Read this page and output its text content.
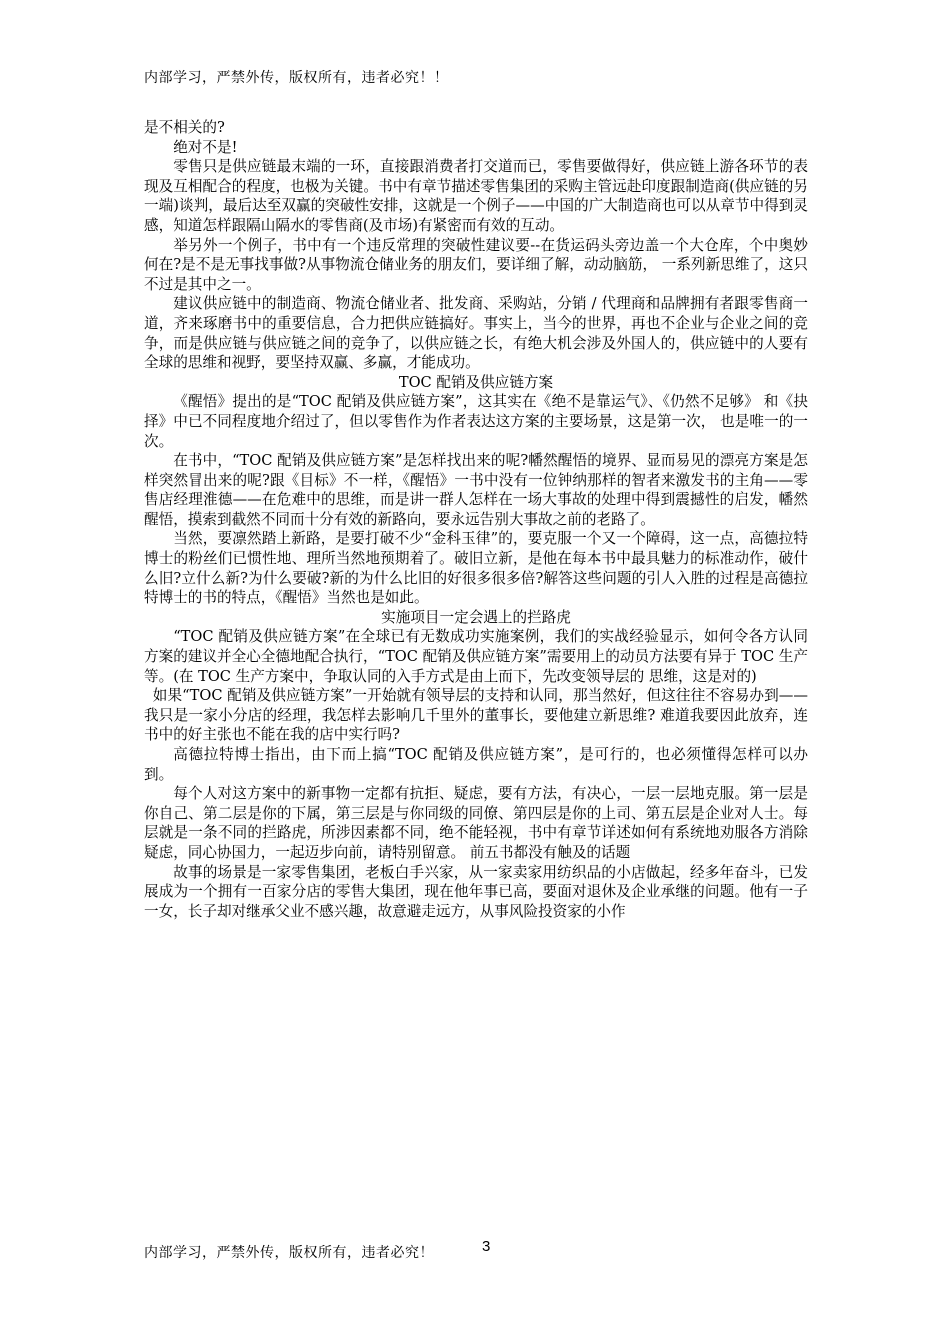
内部学习，严禁外传，版权所有，违者必究！！

是不相关的?

绝对不是!

零售只是供应链最末端的一环，直接跟消费者打交道而已，零售要做得好，供应链上游各环节的表现及互相配合的程度，也极为关键。书中有章节描述零售集团的采购主管远赴印度跟制造商(供应链的另一端)谈判，最后达至双赢的突破性安排，这就是一个例子——中国的广大制造商也可以从章节中得到灵感，知道怎样跟隔山隔水的零售商(及市场)有紧密而有效的互动。

举另外一个例子，书中有一个违反常理的突破性建议要--在货运码头旁边盖一个大仓库，个中奥妙何在?是不是无事找事做?从事物流仓储业务的朋友们，要详细了解，动动脑筋， 一系列新思维了，这只不过是其中之一。

建议供应链中的制造商、物流仓储业者、批发商、采购站，分销 / 代理商和品牌拥有者跟零售商一道，齐来琢磨书中的重要信息，合力把供应链搞好。事实上，当今的世界，再也不企业与企业之间的竞争，而是供应链与供应链之间的竞争了，以供应链之长，有绝大机会涉及外国人的，供应链中的人要有全球的思维和视野，要坚持双赢、多赢，才能成功。

TOC 配销及供应链方案

《醒悟》提出的是“TOC 配销及供应链方案”，这其实在《绝不是靠运气》、《仍然不足够》 和《抉择》中已不同程度地介绍过了，但以零售作为作者表达这方案的主要场景，这是第一次， 也是唯一的一次。

在书中，“TOC 配销及供应链方案”是怎样找出来的呢?幡然醒悟的境界、显而易见的漂亮方案是怎样突然冒出来的呢?跟《目标》不一样，《醒悟》一书中没有一位钟纳那样的智者来激发书的主角——零售店经理淮德——在危难中的思维，而是讲一群人怎样在一场大事故的处理中得到震撼性的启发，幡然醒悟，摸索到截然不同而十分有效的新路向，要永远告别大事故之前的老路了。

当然，要凛然踏上新路，是要打破不少“金科玉律”的，要克服一个又一个障碍，这一点，高德拉特博士的粉丝们已惯性地、理所当然地预期着了。破旧立新，是他在每本书中最具魅力的标准动作，破什么旧?立什么新?为什么要破?新的为什么比旧的好很多很多倍?解答这些问题的引人入胜的过程是高德拉特博士的书的特点，《醒悟》当然也是如此。

实施项目一定会遇上的拦路虎

“TOC 配销及供应链方案”在全球已有无数成功实施案例，我们的实战经验显示，如何令各方认同方案的建议并全心全德地配合执行，“TOC 配销及供应链方案”需要用上的动员方法要有异于 TOC 生产等。(在 TOC 生产方案中，争取认同的入手方式是由上而下，先改变领导层的 思维，这是对的)

如果“TOC 配销及供应链方案”一开始就有领导层的支持和认同，那当然好，但这往往不容易办到——我只是一家小分店的经理，我怎样去影响几千里外的董事长，要他建立新思维? 难道我要因此放弃，连书中的好主张也不能在我的店中实行吗?

高德拉特博士指出，由下而上搞“TOC 配销及供应链方案”，是可行的，也必须懂得怎样可以办到。

每个人对这方案中的新事物一定都有抗拒、疑虑，要有方法，有决心，一层一层地克服。第一层是你自己、第二层是你的下属，第三层是与你同级的同僚、第四层是你的上司、第五层是企业对人士。每层就是一条不同的拦路虎，所涉因素都不同，绝不能轻视，书中有章节详述如何有系统地劝服各方消除疑虑，同心协国力，一起迈步向前，请特别留意。 前五书都没有触及的话题

故事的场景是一家零售集团，老板白手兴家，从一家卖家用纺织品的小店做起，经多年奋斗，已发展成为一个拥有一百家分店的零售大集团，现在他年事已高，要面对退休及企业承继的问题。他有一子一女，长子却对继承父业不感兴趣，故意避走远方，从事风险投资家的小作

内部学习，严禁外传，版权所有，违者必究！	3
